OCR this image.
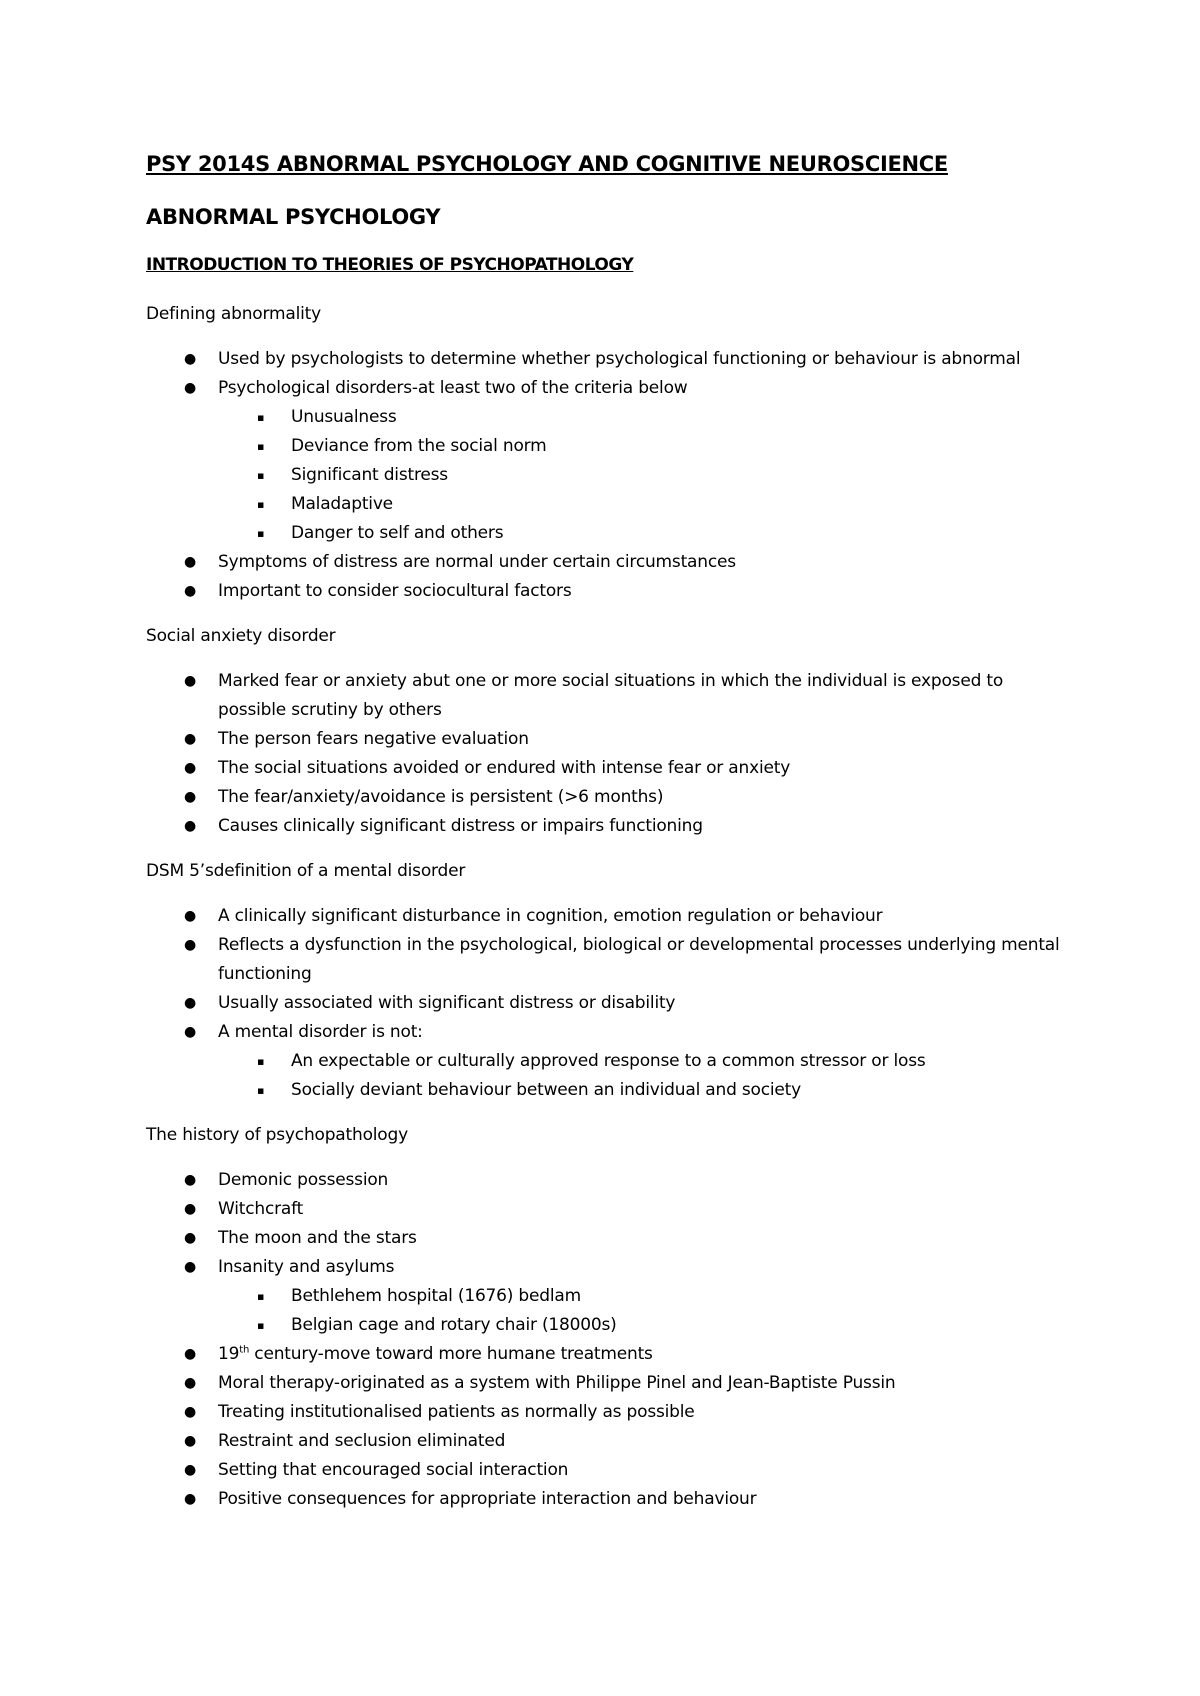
PSY 2014S ABNORMAL PSYCHOLOGY AND COGNITIVE NEUROSCIENCE
ABNORMAL PSYCHOLOGY
INTRODUCTION TO THEORIES OF PSYCHOPATHOLOGY
Defining abnormality
● Used by psychologists to determine whether psychological functioning or behaviour is abnormal
● Psychological disorders-at least two of the criteria below
▪ Unusualness
▪ Deviance from the social norm
▪ Significant distress
▪ Maladaptive
▪ Danger to self and others
● Symptoms of distress are normal under certain circumstances
● Important to consider sociocultural factors
Social anxiety disorder
● Marked fear or anxiety abut one or more social situations in which the individual is exposed to possible scrutiny by others
● The person fears negative evaluation
● The social situations avoided or endured with intense fear or anxiety
● The fear/anxiety/avoidance is persistent (>6 months)
● Causes clinically significant distress or impairs functioning
DSM 5’sdefinition of a mental disorder
● A clinically significant disturbance in cognition, emotion regulation or behaviour
● Reflects a dysfunction in the psychological, biological or developmental processes underlying mental functioning
● Usually associated with significant distress or disability
● A mental disorder is not:
▪ An expectable or culturally approved response to a common stressor or loss
▪ Socially deviant behaviour between an individual and society
The history of psychopathology
● Demonic possession
● Witchcraft
● The moon and the stars
● Insanity and asylums
▪ Bethlehem hospital (1676) bedlam
▪ Belgian cage and rotary chair (18000s)
● 19th century-move toward more humane treatments
● Moral therapy-originated as a system with Philippe Pinel and Jean-Baptiste Pussin
● Treating institutionalised patients as normally as possible
● Restraint and seclusion eliminated
● Setting that encouraged social interaction
● Positive consequences for appropriate interaction and behaviour
